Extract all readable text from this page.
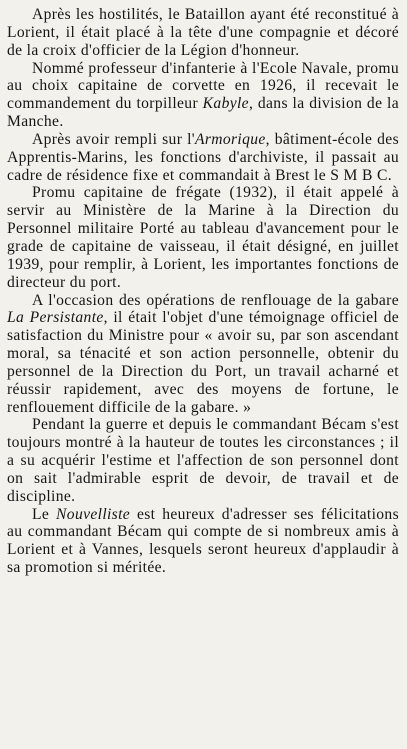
Après les hostilités, le Bataillon ayant été reconstitué à Lorient, il était placé à la tête d'une compagnie et décoré de la croix d'officier de la Légion d'honneur.

Nommé professeur d'infanterie à l'Ecole Navale, promu au choix capitaine de corvette en 1926, il recevait le commandement du torpilleur Kabyle, dans la division de la Manche.

Après avoir rempli sur l'Armorique, bâtiment-école des Apprentis-Marins, les fonctions d'archiviste, il passait au cadre de résidence fixe et commandait à Brest le S M B C.

Promu capitaine de frégate (1932), il était appelé à servir au Ministère de la Marine à la Direction du Personnel militaire Porté au tableau d'avancement pour le grade de capitaine de vaisseau, il était désigné, en juillet 1939, pour remplir, à Lorient, les importantes fonctions de directeur du port.

A l'occasion des opérations de renflouage de la gabare La Persistante, il était l'objet d'une témoignage officiel de satisfaction du Ministre pour « avoir su, par son ascendant moral, sa ténacité et son action personnelle, obtenir du personnel de la Direction du Port, un travail acharné et réussir rapidement, avec des moyens de fortune, le renflouement difficile de la gabare. »

Pendant la guerre et depuis le commandant Bécam s'est toujours montré à la hauteur de toutes les circonstances ; il a su acquérir l'estime et l'affection de son personnel dont on sait l'admirable esprit de devoir, de travail et de discipline.

Le Nouvelliste est heureux d'adresser ses félicitations au commandant Bécam qui compte de si nombreux amis à Lorient et à Vannes, lesquels seront heureux d'applaudir à sa promotion si méritée.
